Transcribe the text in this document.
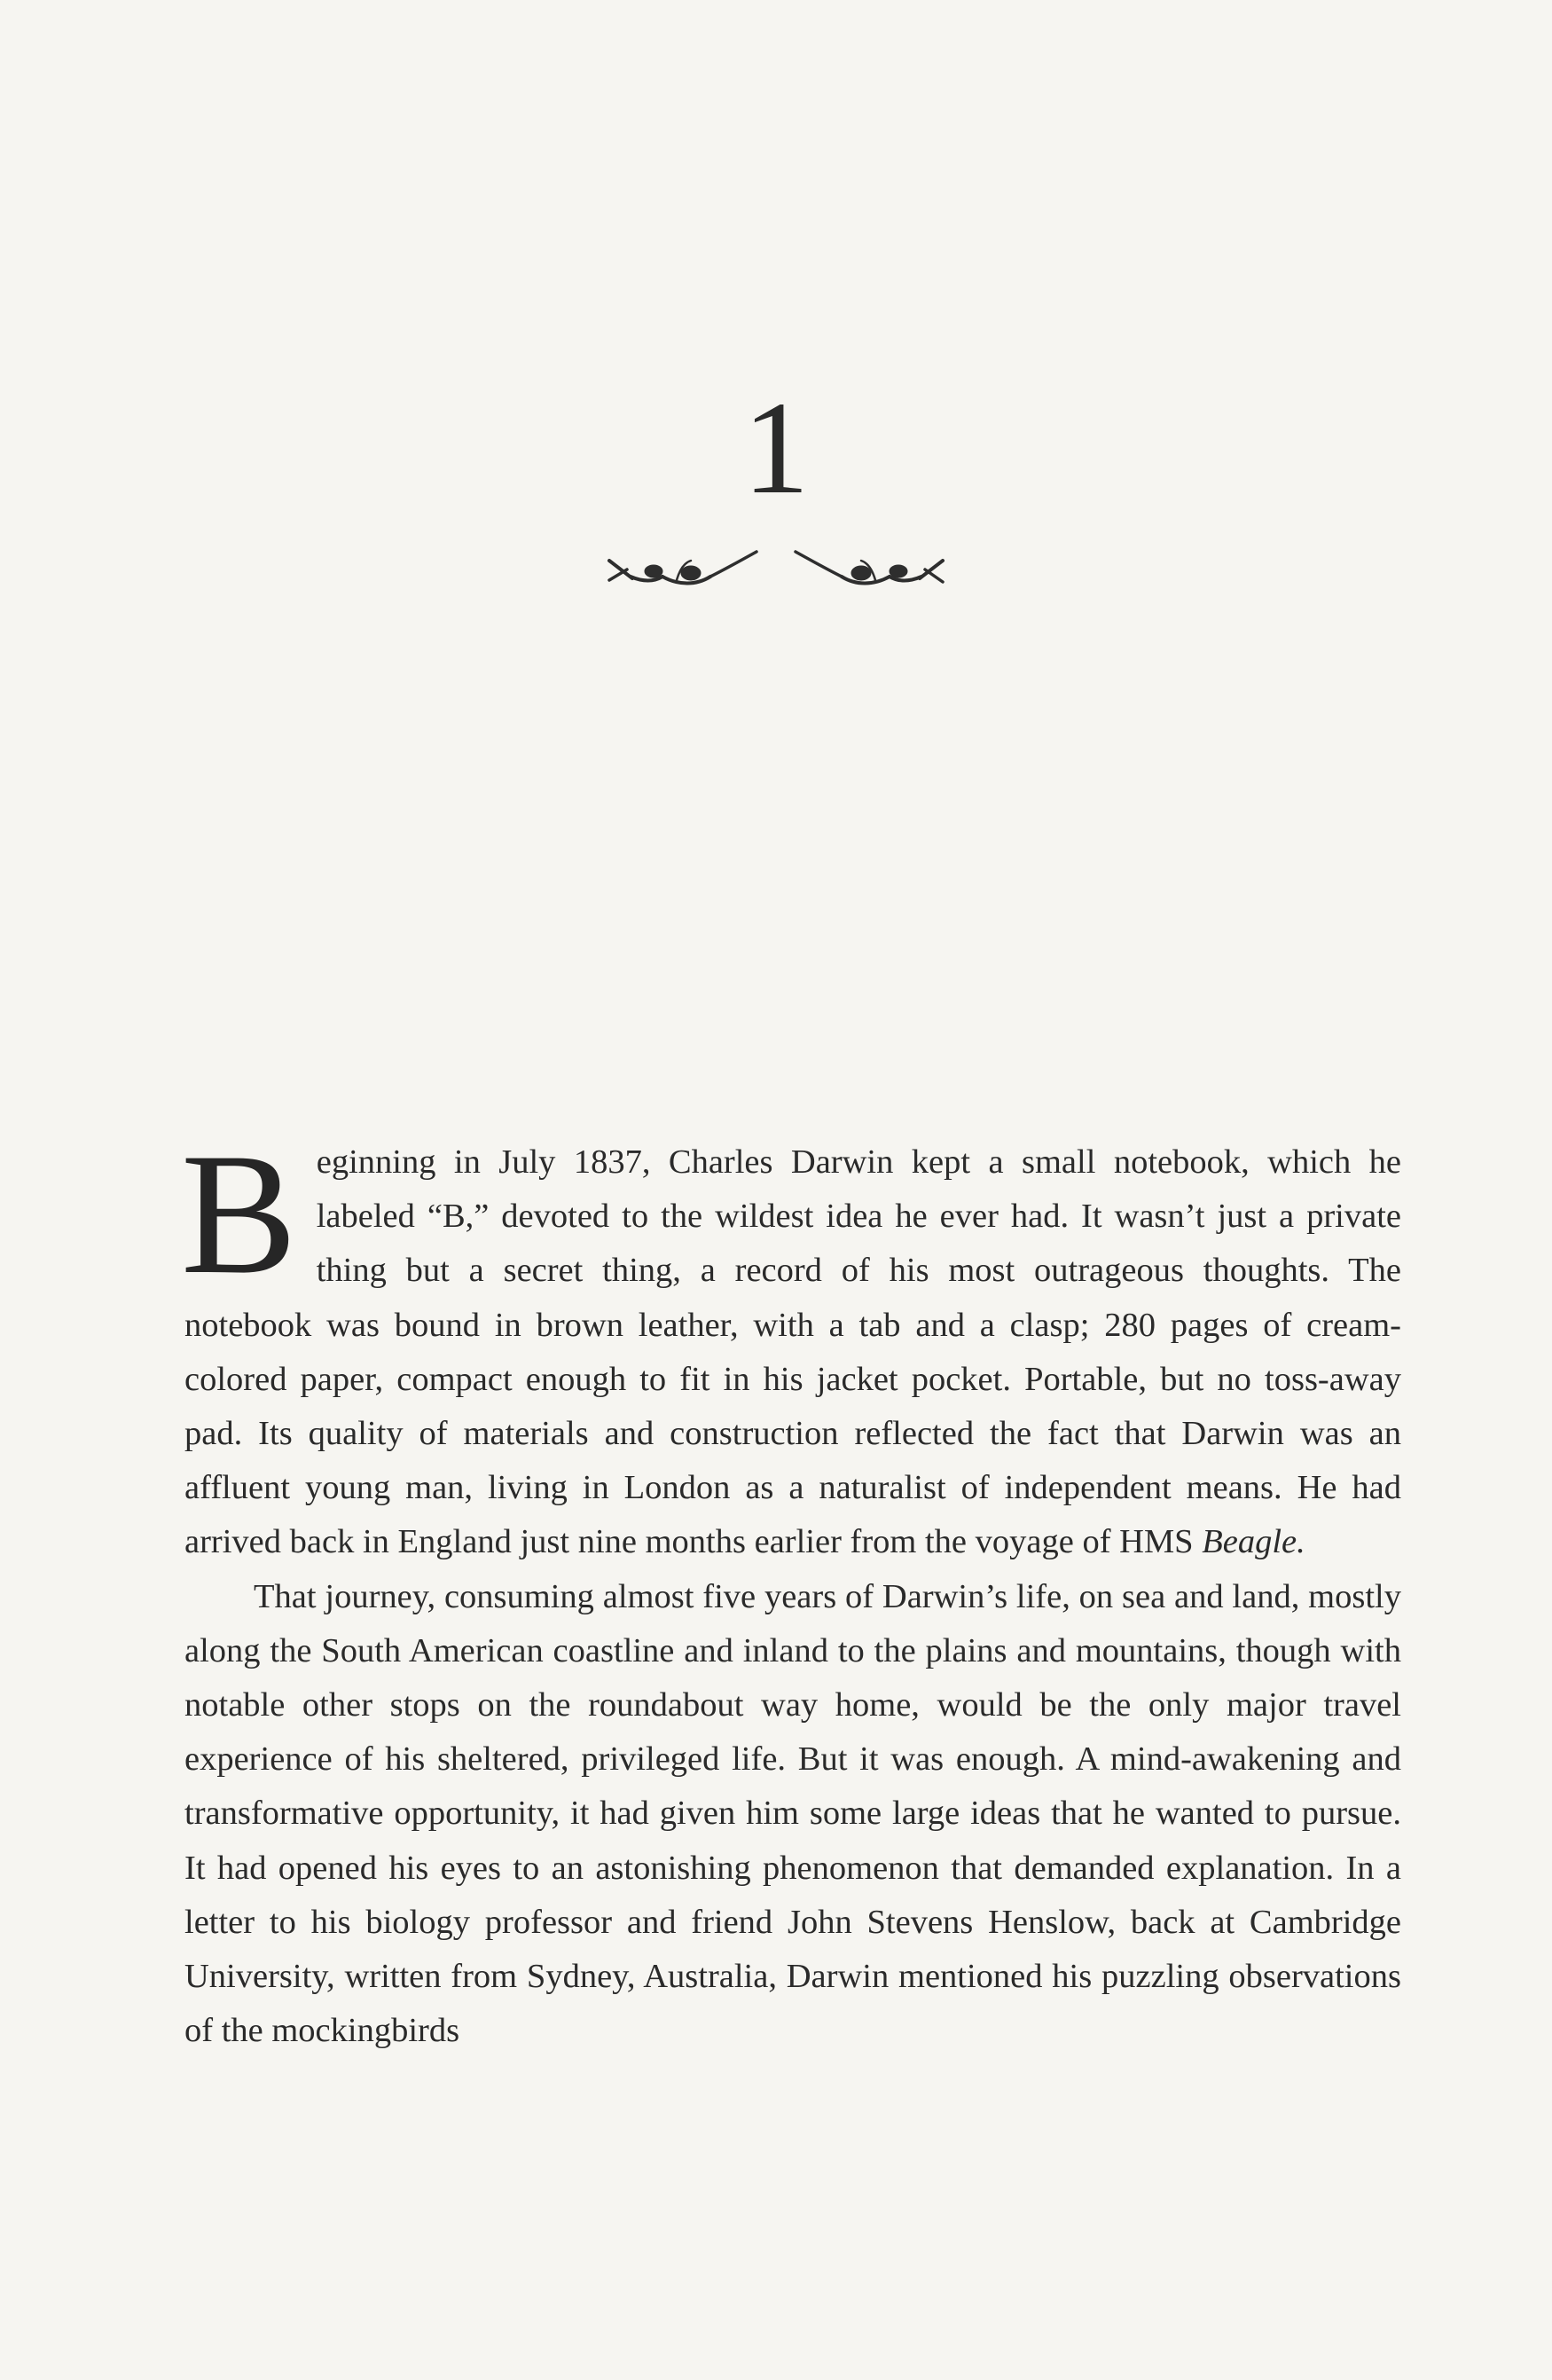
1

Beginning in July 1837, Charles Darwin kept a small notebook, which he labeled “B,” devoted to the wildest idea he ever had. It wasn’t just a private thing but a secret thing, a record of his most outrageous thoughts. The notebook was bound in brown leather, with a tab and a clasp; 280 pages of cream-colored paper, compact enough to fit in his jacket pocket. Portable, but no toss-away pad. Its quality of materials and construction reflected the fact that Darwin was an affluent young man, living in London as a naturalist of independent means. He had arrived back in England just nine months earlier from the voyage of HMS Beagle.

That journey, consuming almost five years of Darwin’s life, on sea and land, mostly along the South American coastline and inland to the plains and mountains, though with notable other stops on the roundabout way home, would be the only major travel experience of his sheltered, privileged life. But it was enough. A mind-awakening and transformative opportunity, it had given him some large ideas that he wanted to pursue. It had opened his eyes to an astonishing phenomenon that demanded explanation. In a letter to his biology professor and friend John Stevens Henslow, back at Cambridge University, written from Sydney, Australia, Darwin mentioned his puzzling observations of the mockingbirds
